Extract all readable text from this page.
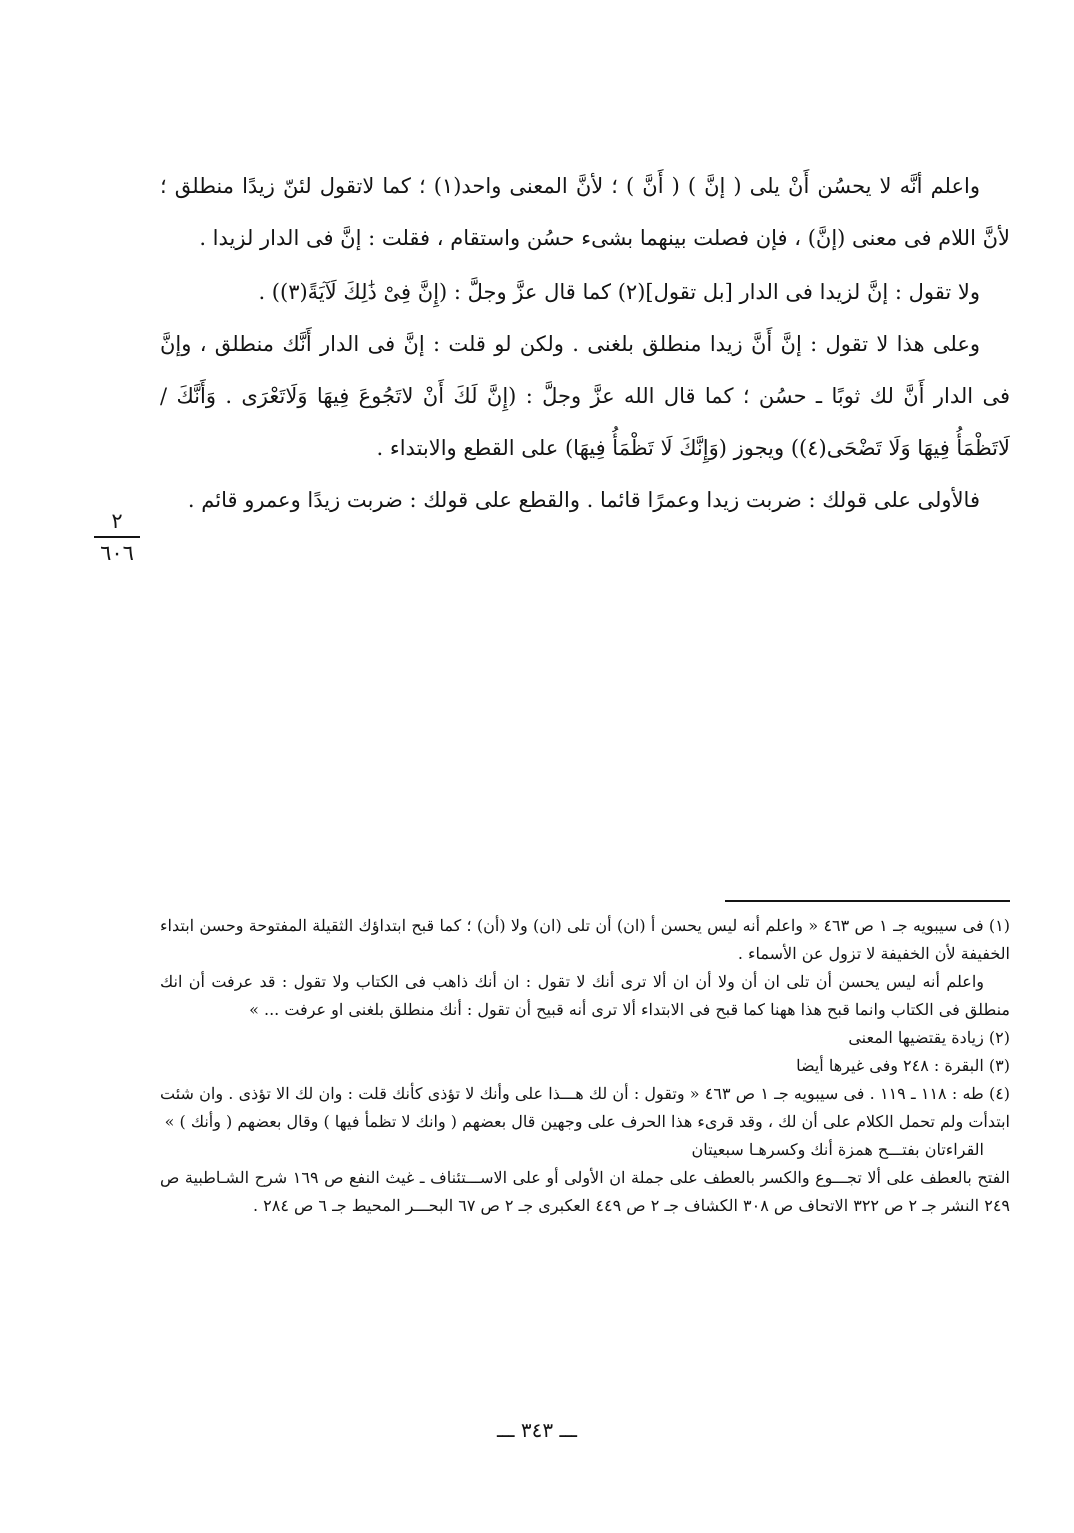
واعلم أنَّه لا يحسُن أَنْ يلى ( إنَّ ) ( أَنَّ ) ؛ لأنَّ المعنى واحد(١) ؛ كما لاتقول لئنّ زيدًا منطلق ؛ لأنَّ اللام فى معنى (إنَّ) ، فإن فصلت بينهما بشىء حسُن واستقام ، فقلت : إنَّ فى الدار لزيدا .

ولا تقول : إنَّ لزيدا فى الدار [بل تقول](٢) كما قال عزَّ وجلَّ : (إِنَّ فِىْ ذَٰلِكَ لَآيَةً(٣)) .

وعلى هذا لا تقول : إنَّ أَنَّ زيدا منطلق بلغنى . ولكن لو قلت : إنَّ فى الدار أَنَّك منطلق ، وإنَّ فى الدار أَنَّ لك ثوبًا ـ حسُن ؛ كما قال الله عزَّ وجلَّ : (إِنَّ لَكَ أَنْ لاتَجُوعَ فِيهَا وَلَاتَعْرَى . وَأَنَّكَ / لَاتَظْمَأُ فِيهَا وَلَا تَضْحَى(٤)) ويجوز (وَإِنَّكَ لَا تَظْمَأُ فِيهَا) على القطع والابتداء .

فالأولى على قولك : ضربت زيدا وعمرًا قائما . والقطع على قولك : ضربت زيدًا وعمرو قائم .

٢
٦٠٦

(١) فى سيبويه جـ ١ ص ٤٦٣ « واعلم أنه ليس يحسن أ (ان) أن تلى (ان) ولا (أن) ؛ كما قبح ابتداؤك الثقيلة المفتوحة وحسن ابتداء الخفيفة لأن الخفيفة لا تزول عن الأسماء .

واعلم أنه ليس يحسن أن تلى ان أن ولا أن ان ألا ترى أنك لا تقول : ان أنك ذاهب فى الكتاب ولا تقول : قد عرفت أن انك منطلق فى الكتاب وانما قبح هذا ههنا كما قبح فى الابتداء ألا ترى أنه قبيح أن تقول : أنك منطلق بلغنى او عرفت ... »

(٢) زيادة يقتضيها المعنى

(٣) البقرة : ٢٤٨ وفى غيرها أيضا

(٤) طه : ١١٨ ـ ١١٩ . فى سيبويه جـ ١ ص ٤٦٣ « وتقول : أن لك هـــذا على وأنك لا تؤذى كأنك قلت : وان لك الا تؤذى . وان شئت ابتدأت ولم تحمل الكلام على أن لك ، وقد قرىء هذا الحرف على وجهين قال بعضهم ( وانك لا تظمأ فيها ) وقال بعضهم ( وأنك ) »

القراءتان بفتـــح همزة أنك وكسرهـا سبعيتان

الفتح بالعطف على ألا تجـــوع والكسر بالعطف على جملة ان الأولى أو على الاســـتئناف ـ غيث النفع ص ١٦٩ شرح الشـاطبية ص ٢٤٩ النشر جـ ٢ ص ٣٢٢ الاتحاف ص ٣٠٨ الكشاف جـ ٢ ص ٤٤٩ العكبرى جـ ٢ ص ٦٧ البحـــر المحيط جـ ٦ ص ٢٨٤ .

ـــ ٣٤٣ ـــ
